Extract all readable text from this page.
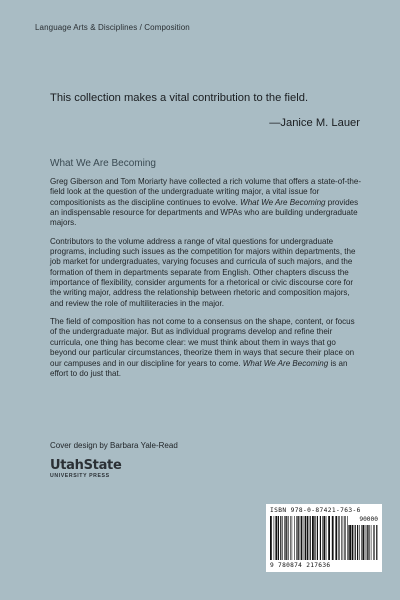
Language Arts & Disciplines / Composition
This collection makes a vital contribution to the field.
—Janice M. Lauer
What We Are Becoming

Greg Giberson and Tom Moriarty have collected a rich volume that offers a state-of-the-field look at the question of the undergraduate writing major, a vital issue for compositionists as the discipline continues to evolve. What We Are Becoming provides an indispensable resource for departments and WPAs who are building undergraduate majors.

Contributors to the volume address a range of vital questions for undergraduate programs, including such issues as the competition for majors within departments, the job market for undergraduates, varying focuses and curricula of such majors, and the formation of them in departments separate from English. Other chapters discuss the importance of flexibility, consider arguments for a rhetorical or civic discourse core for the writing major, address the relationship between rhetoric and composition majors, and review the role of multiliteracies in the major.

The field of composition has not come to a consensus on the shape, content, or focus of the undergraduate major. But as individual programs develop and refine their curricula, one thing has become clear: we must think about them in ways that go beyond our particular circumstances, theorize them in ways that secure their place on our campuses and in our discipline for years to come. What We Are Becoming is an effort to do just that.

Cover design by Barbara Yale-Read
UtahState
UNIVERSITY PRESS
ISBN 978-0-87421-763-6
90000
9 780874 217636
